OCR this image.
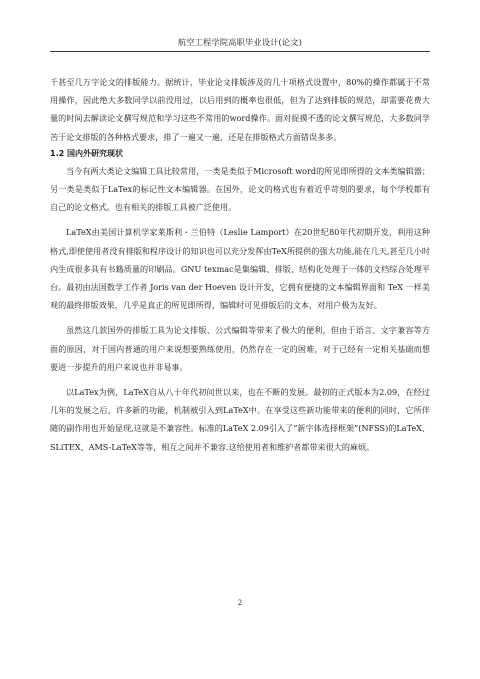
航空工程学院高职毕业设计(论文)

千甚至几万字论文的排版能力。据统计，毕业论文排版涉及的几十项格式设置中，80%的操作都属于不常用操作，因此绝大多数同学以前没用过，以后用到的概率也很低，但为了达到排版的规范，却需要花费大量的时间去解读论文撰写规范和学习这些不常用的word操作。面对捉摸不透的论文撰写规范，大多数同学苦于论文排版的各种格式要求，排了一遍又一遍，还是在排版格式方面错误多多。

1.2 国内外研究现状

当今有两大类论文编辑工具比较常用，一类是类似于Microsoft word的所见即所得的文本类编辑器；另一类是类似于LaTex的标记性文本编辑器。在国外，论文的格式也有着近乎苛刻的要求，每个学校都有自己的论文格式。也有相关的排版工具被广泛使用。

LaTeX由美国计算机学家莱斯利・兰伯特（Leslie Lamport）在20世纪80年代初期开发，利用这种格式,即使使用者没有排版和程序设计的知识也可以充分发挥由TeX所提供的强大功能,能在几天,甚至几小时内生成很多具有书籍质量的印刷品。GNU texmac是集编辑、排版、结构化处理于一体的文档综合处理平台。最初由法国数学工作者 Joris van der Hoeven 设计开发，它拥有便捷的文本编辑界面和 TeX 一样美观的最终排版效果，几乎是真正的所见即所得，编辑时可见排版后的文本，对用户极为友好。

虽然这几款国外的排版工具为论文排版、公式编辑等带来了极大的便利，但由于语言、文字兼容等方面的原因，对于国内普通的用户来说想要熟练使用，仍然存在一定的困难，对于已经有一定相关基础而想要进一步提升的用户来说也并非易事。

以LaTex为例，LaTeX自从八十年代初问世以来，也在不断的发展。最初的正式版本为2.09，在经过几年的发展之后，许多新的功能，机制被引入到LaTeX中。在享受这些新功能带来的便利的同时，它所伴随的副作用也开始显现,这就是不兼容性。标准的LaTeX 2.09引入了“新字体选择框架”(NFSS)的LaTeX、SLiTEX、AMS-LaTeX等等，相互之间并不兼容.这给使用者和维护者都带来很大的麻烦。

2
